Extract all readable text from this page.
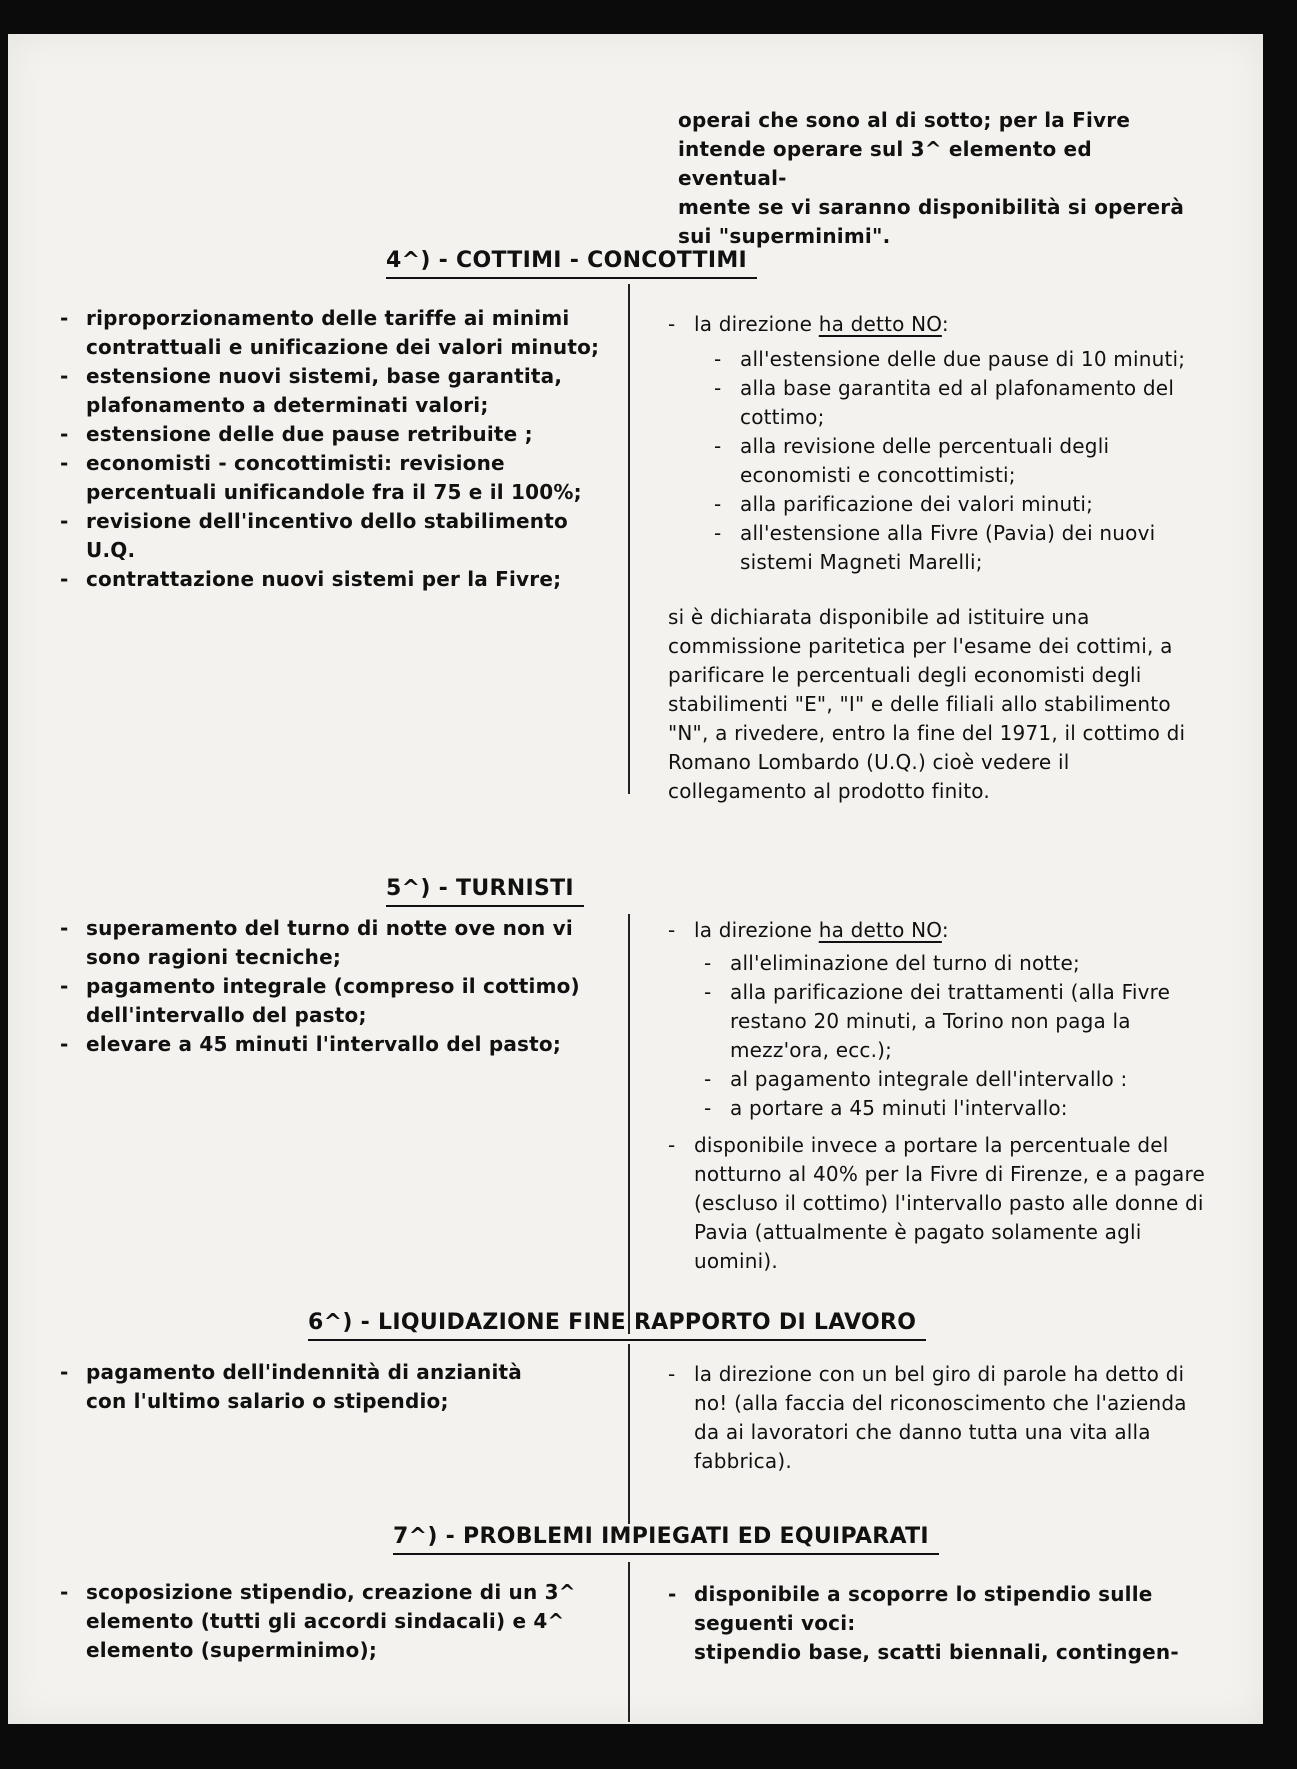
operai che sono al di sotto; per la Fivre

intende operare sul 3^ elemento ed eventual-

mente se vi saranno disponibilità si opererà

sui "superminimi".

4^) - COTTIMI - CONCOTTIMI

- riproporzionamento delle tariffe ai minimi contrattuali e unificazione dei valori minuto;

- estensione nuovi sistemi, base garantita, plafonamento a determinati valori;

- estensione delle due pause retribuite ;

- economisti - concottimisti: revisione percentuali unificandole fra il 75 e il 100%;

- revisione dell'incentivo dello stabilimento U.Q.

- contrattazione nuovi sistemi per la Fivre;

- la direzione ha detto NO:

- all'estensione delle due pause di 10 minuti;

- alla base garantita ed al plafonamento del cottimo;

- alla revisione delle percentuali degli economisti e concottimisti;

- alla parificazione dei valori minuti;

- all'estensione alla Fivre (Pavia) dei nuovi sistemi Magneti Marelli;

si è dichiarata disponibile ad istituire una commissione paritetica per l'esame dei cottimi, a parificare le percentuali degli economisti degli stabilimenti "E", "I" e delle filiali allo stabilimento "N", a rivedere, entro la fine del 1971, il cottimo di Romano Lombardo (U.Q.) cioè vedere il collegamento al prodotto finito.

5^) - TURNISTI

- superamento del turno di notte ove non vi sono ragioni tecniche;

- pagamento integrale (compreso il cottimo) dell'intervallo del pasto;

- elevare a 45 minuti l'intervallo del pasto;

- la direzione ha detto NO:

- all'eliminazione del turno di notte;

- alla parificazione dei trattamenti (alla Fivre restano 20 minuti, a Torino non paga la mezz'ora, ecc.);

- al pagamento integrale dell'intervallo :

- a portare a 45 minuti l'intervallo:

- disponibile invece a portare la percentuale del notturno al 40% per la Fivre di Firenze, e a pagare (escluso il cottimo) l'intervallo pasto alle donne di Pavia (attualmente è pagato solamente agli uomini).

6^) - LIQUIDAZIONE FINE RAPPORTO DI LAVORO

- pagamento dell'indennità di anzianità con l'ultimo salario o stipendio;

- la direzione con un bel giro di parole ha detto di no! (alla faccia del riconoscimento che l'azienda da ai lavoratori che danno tutta una vita alla fabbrica).

7^) - PROBLEMI IMPIEGATI ED EQUIPARATI

- scoposizione stipendio, creazione di un 3^ elemento (tutti gli accordi sindacali) e 4^ elemento (superminimo);

- disponibile a scoporre lo stipendio sulle seguenti voci:

stipendio base, scatti biennali, contingen-
